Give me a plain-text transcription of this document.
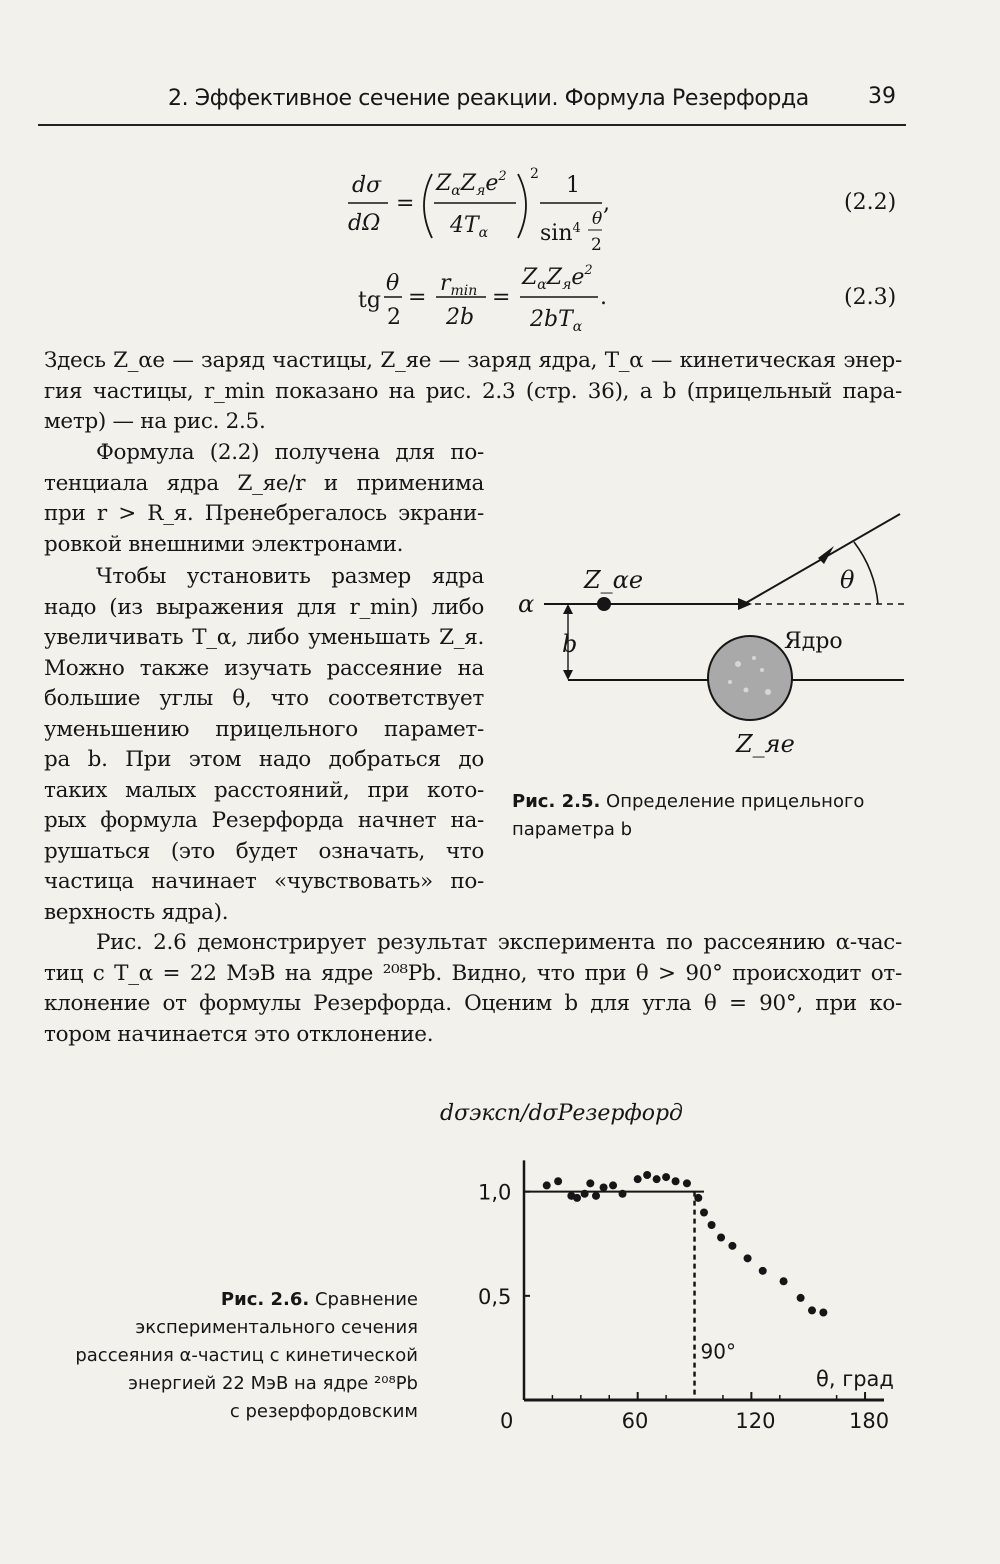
2. Эффективное сечение реакции. Формула Резерфорда	39
dσ
dΩ
=
$Z_\alpha Z_яe^2$
$4T_\alpha$
2 1
$\sin^4 \theta$
2
,	(2.2)
tg
θ
2
=
$r_{min}$
2b
=
$Z_\alpha Z_яe^2$
$2bT_\alpha$
.	(2.3)
Здесь Z_αe — заряд частицы, Z_яe — заряд ядра, T_α — кинетическая энер-
гия частицы, r_min показано на рис. 2.3 (стр. 36), а b (прицельный пара-
метр) — на рис. 2.5.
Формула (2.2) получена для по-
тенциала ядра Z_яe/r и применима
при r > R_я. Пренебрегалось экрани-
ровкой внешними электронами.
Чтобы установить размер ядра
надо (из выражения для r_min) либо
увеличивать T_α, либо уменьшать Z_я.
Можно также изучать рассеяние на
большие углы θ, что соответствует
уменьшению прицельного парамет-
ра b. При этом надо добраться до
таких малых расстояний, при кото-
рых формула Резерфорда начнет на-
рушаться (это будет означать, что
частица начинает «чувствовать» по-
верхность ядра).
α
Z_αe	θ
b
Z_яe
Ядро
Рис. 2.5. Определение прицельного
параметра b
Рис. 2.6 демонстрирует результат эксперимента по рассеянию α-час-
тиц с T_α = 22 МэВ на ядре ²⁰⁸Pb. Видно, что при θ > 90° происходит от-
клонение от формулы Резерфорда. Оценим b для угла θ = 90°, при ко-
тором начинается это отклонение.
Рис. 2.6. Сравнение
экспериментального сечения
рассеяния α-частиц с кинетической
энергией 22 МэВ на ядре ²⁰⁸Pb
с резерфордовским
dσэксп/dσРезерфорд
0	60	120	180
0,5
1,0
θ, град
90°
